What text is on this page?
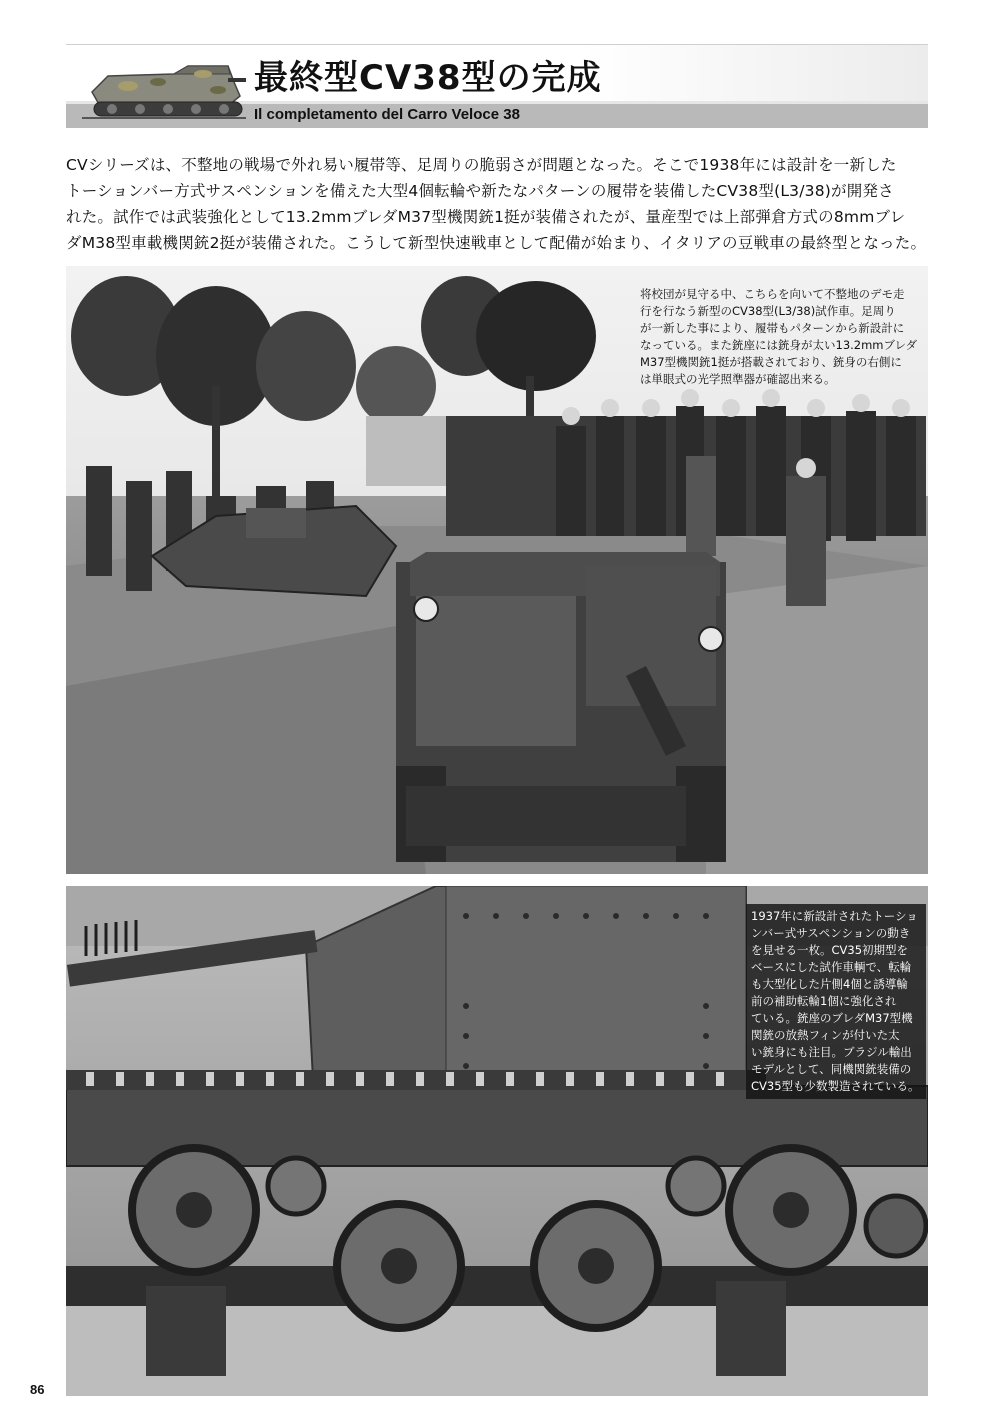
最終型CV38型の完成
Il completamento del Carro Veloce 38
CVシリーズは、不整地の戦場で外れ易い履帯等、足周りの脆弱さが問題となった。そこで1938年には設計を一新した
トーションバー方式サスペンションを備えた大型4個転輪や新たなパターンの履帯を装備したCV38型(L3/38)が開発さ
れた。試作では武装強化として13.2mmブレダM37型機関銃1挺が装備されたが、量産型では上部弾倉方式の8mmブレ
ダM38型車載機関銃2挺が装備された。こうして新型快速戦車として配備が始まり、イタリアの豆戦車の最終型となった。
将校団が見守る中、こちらを向いて不整地のデモ走
行を行なう新型のCV38型(L3/38)試作車。足周り
が一新した事により、履帯もパターンから新設計に
なっている。また銃座には銃身が太い13.2mmブレダ
M37型機関銃1挺が搭載されており、銃身の右側に
は単眼式の光学照準器が確認出来る。
1937年に新設計されたトーショ
ンバー式サスペンションの動き
を見せる一枚。CV35初期型を
ベースにした試作車輌で、転輪
も大型化した片側4個と誘導輪
前の補助転輪1個に強化され
ている。銃座のブレダM37型機
関銃の放熱フィンが付いた太
い銃身にも注目。ブラジル輸出
モデルとして、同機関銃装備の
CV35型も少数製造されている。
86
